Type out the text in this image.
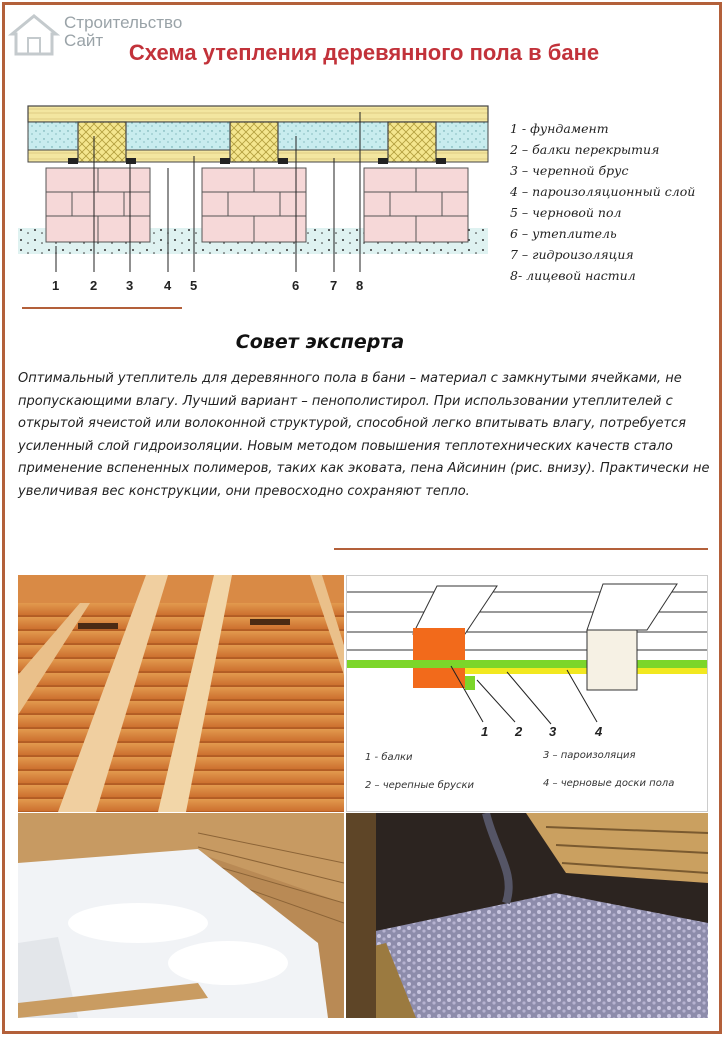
Строительство
Сайт	Схема утепления деревянного пола в бане
1 2 3 4 5	6 7 8
1 - фундамент
2 – балки перекрытия
3 – черепной брус
4 – пароизоляционный слой
5 – черновой пол
6 – утеплитель
7 – гидроизоляция
8- лицевой настил
Совет эксперта
Оптимальный утеплитель для деревянного пола в бани – материал с замкнутыми ячейками, не пропускающими влагу. Лучший вариант – пенополистирол. При использовании утеплителей с открытой ячеистой или волоконной структурой, способной легко впитывать влагу, потребуется усиленный слой гидроизоляции. Новым методом повышения теплотехнических качеств стало применение вспененных полимеров, таких как эковата, пена Айсинин (рис. внизу). Практически не увеличивая вес конструкции, они превосходно сохраняют тепло.
1 2 3	4
1 - балки
2 – черепные бруски
3 – пароизоляция
4 – черновые доски пола
